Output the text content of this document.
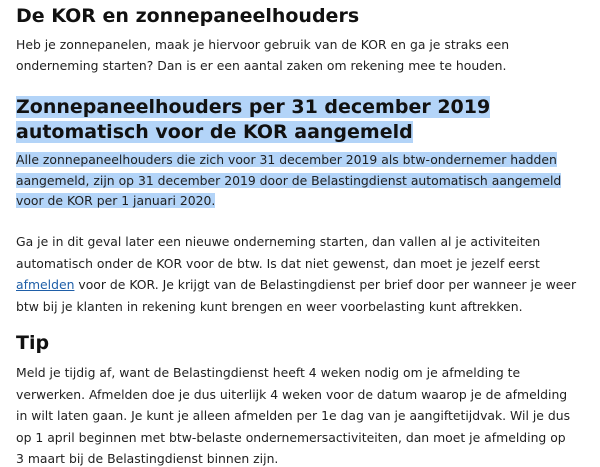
De KOR en zonnepaneelhouders

Heb je zonnepanelen, maak je hiervoor gebruik van de KOR en ga je straks een onderneming starten? Dan is er een aantal zaken om rekening mee te houden.

Zonnepaneelhouders per 31 december 2019 automatisch voor de KOR aangemeld

Alle zonnepaneelhouders die zich voor 31 december 2019 als btw-ondernemer hadden aangemeld, zijn op 31 december 2019 door de Belastingdienst automatisch aangemeld voor de KOR per 1 januari 2020.

Ga je in dit geval later een nieuwe onderneming starten, dan vallen al je activiteiten automatisch onder de KOR voor de btw. Is dat niet gewenst, dan moet je jezelf eerst afmelden voor de KOR. Je krijgt van de Belastingdienst per brief door per wanneer je weer btw bij je klanten in rekening kunt brengen en weer voorbelasting kunt aftrekken.

Tip

Meld je tijdig af, want de Belastingdienst heeft 4 weken nodig om je afmelding te verwerken. Afmelden doe je dus uiterlijk 4 weken voor de datum waarop je de afmelding in wilt laten gaan. Je kunt je alleen afmelden per 1e dag van je aangiftetijdvak. Wil je dus op 1 april beginnen met btw-belaste ondernemersactiviteiten, dan moet je afmelding op 3 maart bij de Belastingdienst binnen zijn.
